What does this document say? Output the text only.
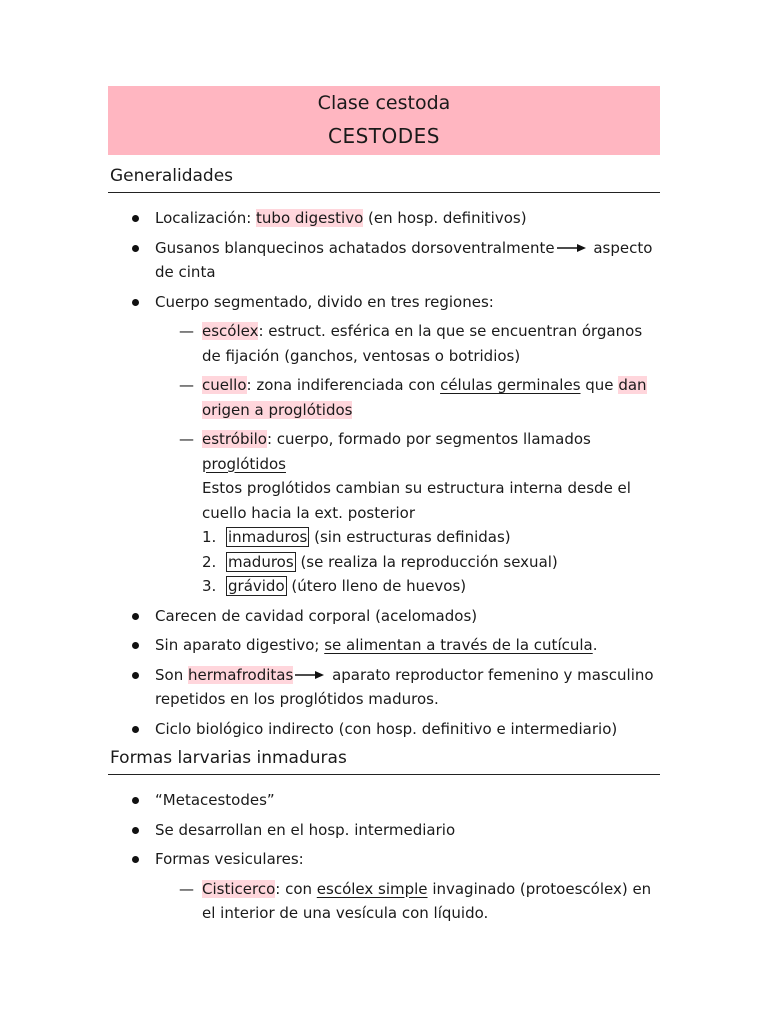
Clase cestoda
CESTODES
Generalidades
Localización: tubo digestivo (en hosp. definitivos)
Gusanos blanquecinos achatados dorsoventralmente aspecto de cinta
Cuerpo segmentado, divido en tres regiones:
— escólex: estruct. esférica en la que se encuentran órganos de fijación (ganchos, ventosas o botridios)
— cuello: zona indiferenciada con células germinales que dan origen a proglótidos
— estróbilo: cuerpo, formado por segmentos llamados proglótidos
Estos proglótidos cambian su estructura interna desde el cuello hacia la ext. posterior
1. inmaduros (sin estructuras definidas)
2. maduros (se realiza la reproducción sexual)
3. grávido (útero lleno de huevos)
Carecen de cavidad corporal (acelomados)
Sin aparato digestivo; se alimentan a través de la cutícula.
Son hermafroditas aparato reproductor femenino y masculino repetidos en los proglótidos maduros.
Ciclo biológico indirecto (con hosp. definitivo e intermediario)
Formas larvarias inmaduras
“Metacestodes”
Se desarrollan en el hosp. intermediario
Formas vesiculares:
— Cisticerco: con escólex simple invaginado (protoescólex) en el interior de una vesícula con líquido.
